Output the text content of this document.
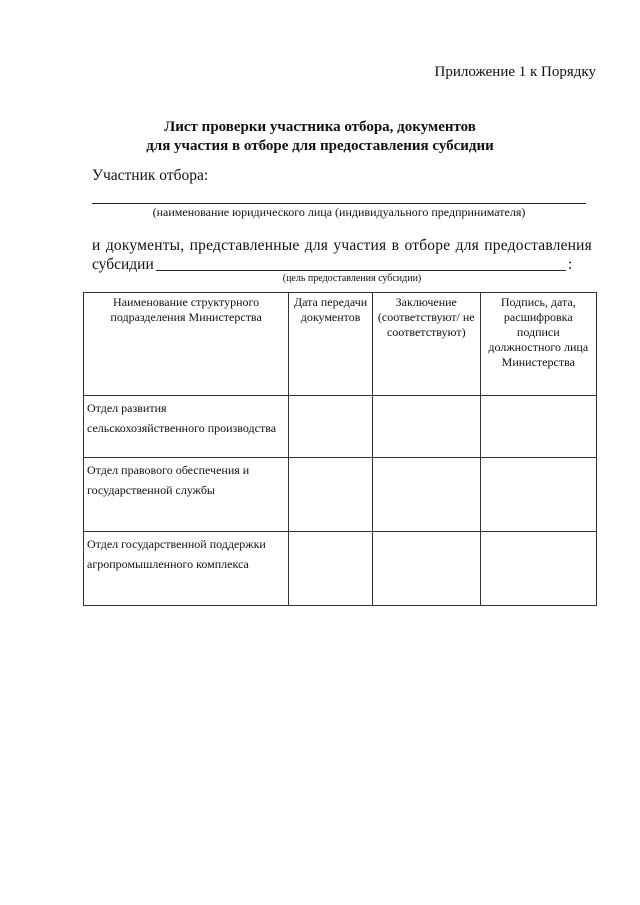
Приложение 1 к Порядку
Лист проверки участника отбора, документов
для участия в отборе для предоставления субсидии
Участник отбора:
(наименование юридического лица (индивидуального предпринимателя)
и документы, представленные для участия в отборе для предоставления
субсидии	:
(цель предоставления субсидии)
Наименование структурного подразделения Министерства	Дата передачи документов	Заключение (соответствуют/ не соответствуют)	Подпись, дата, расшифровка подписи должностного лица Министерства
Отдел развития сельскохозяйственного производства			
Отдел правового обеспечения и государственной службы			
Отдел государственной поддержки агропромышленного комплекса			
